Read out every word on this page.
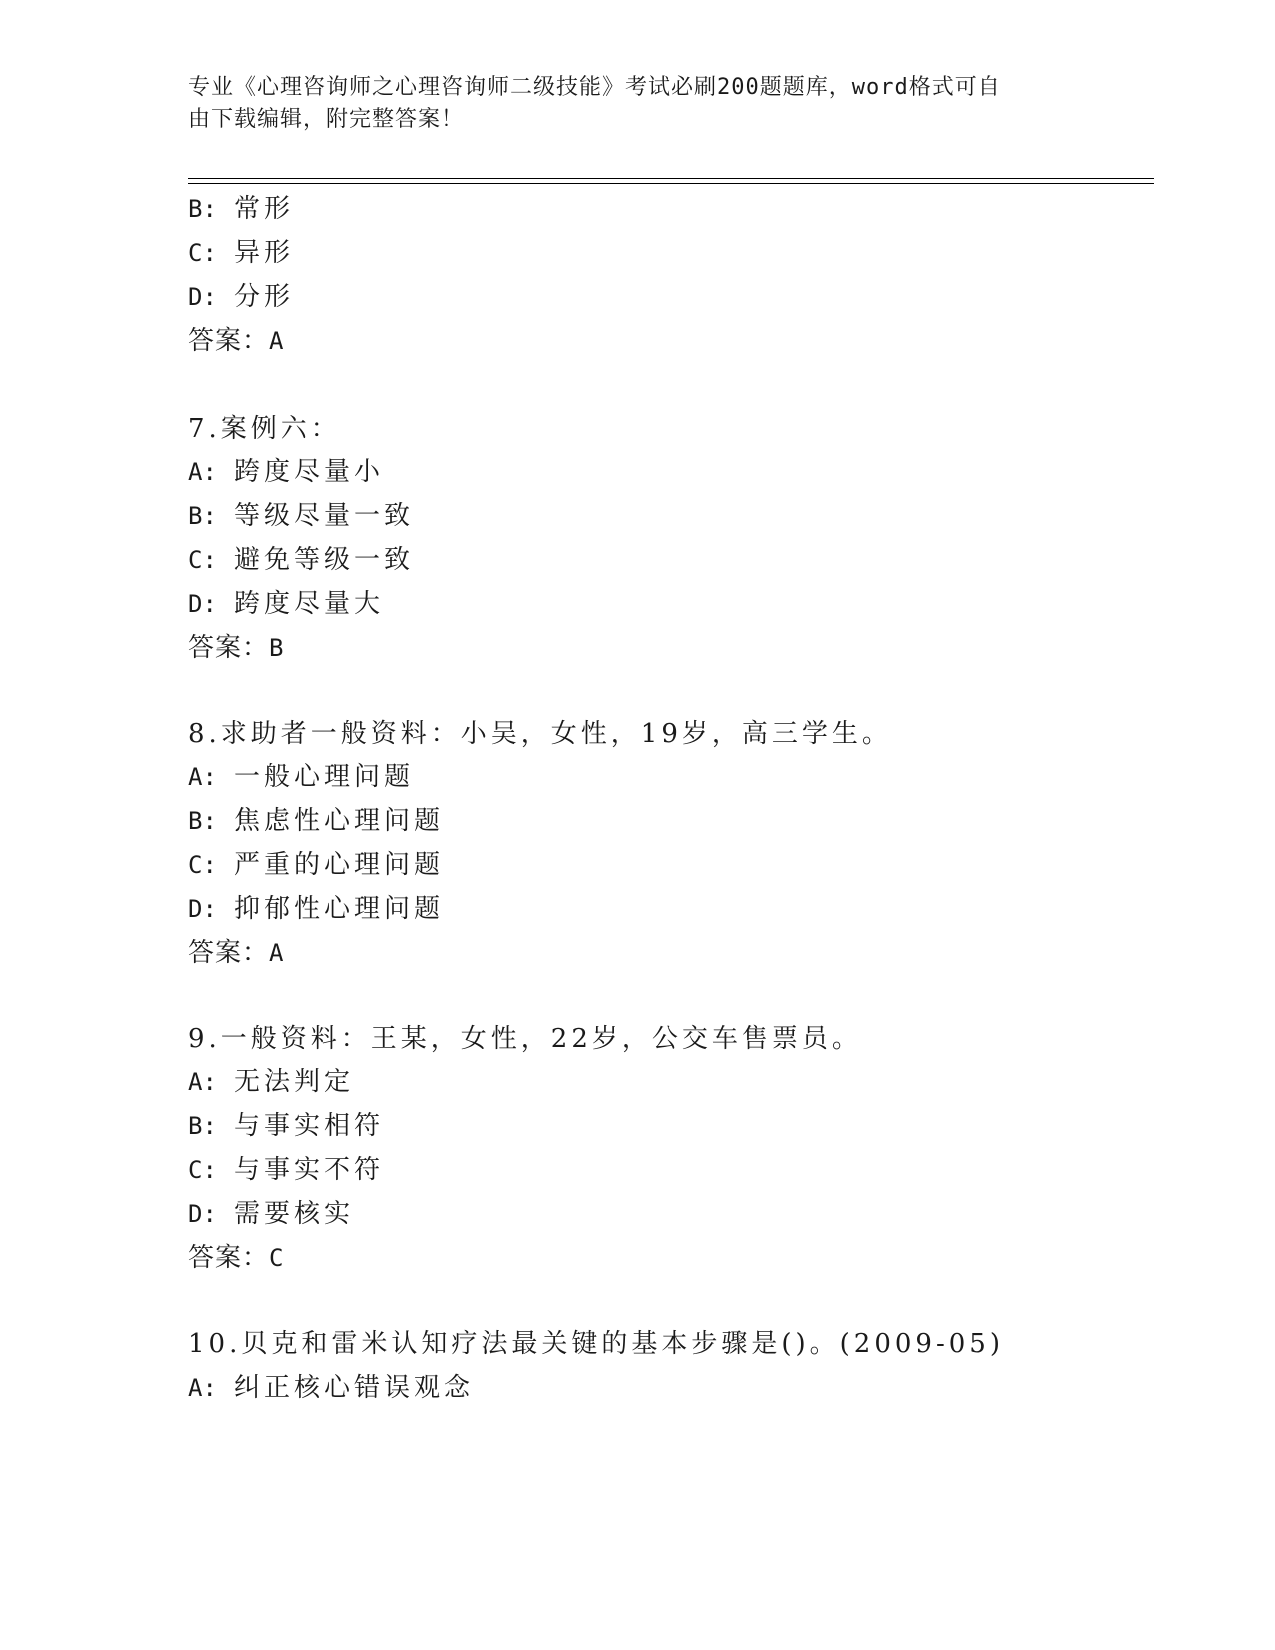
专业《心理咨询师之心理咨询师二级技能》考试必刷200题题库，word格式可自
由下载编辑，附完整答案！
B: 常形
C: 异形
D: 分形
答案：A
7.案例六：
A: 跨度尽量小
B: 等级尽量一致
C: 避免等级一致
D: 跨度尽量大
答案：B
8.求助者一般资料：小吴，女性，19岁，高三学生。
A: 一般心理问题
B: 焦虑性心理问题
C: 严重的心理问题
D: 抑郁性心理问题
答案：A
9.一般资料：王某，女性，22岁，公交车售票员。
A: 无法判定
B: 与事实相符
C: 与事实不符
D: 需要核实
答案：C
10.贝克和雷米认知疗法最关键的基本步骤是()。(2009-05)
A: 纠正核心错误观念
